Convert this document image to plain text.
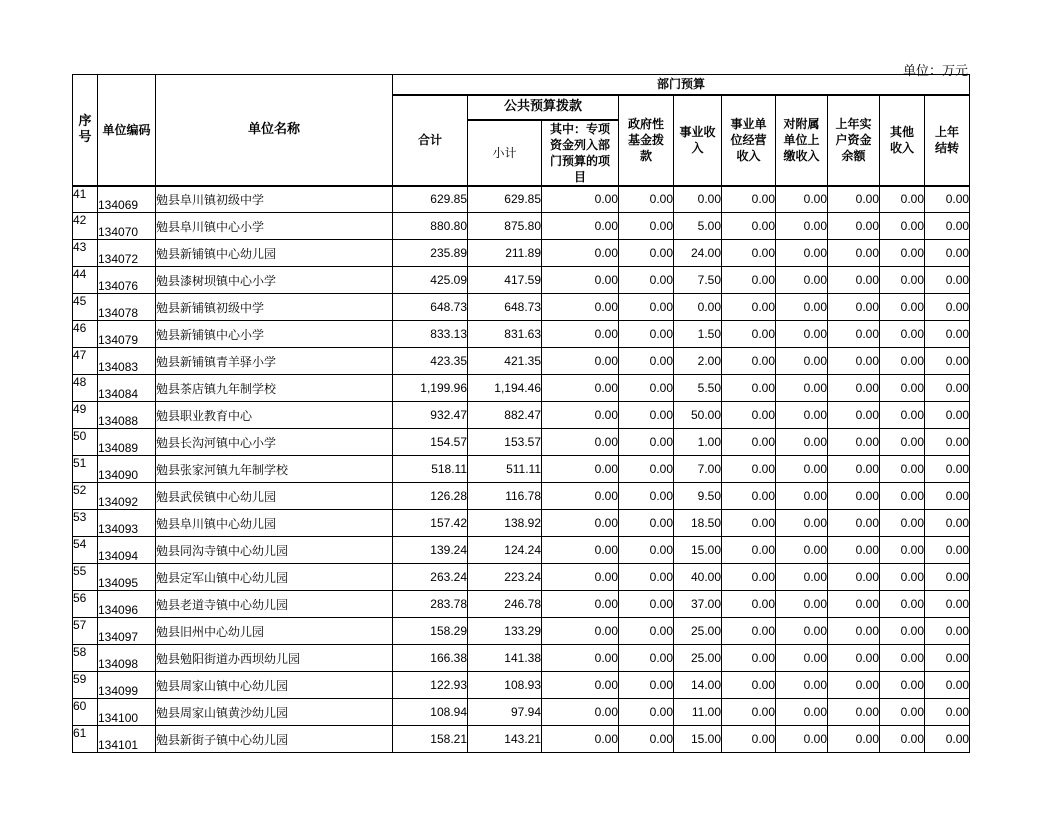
单位：万元
序号	单位编码	单位名称	部门预算									
			合计	公共预算拨款		政府性基金拨款	事业收入	事业单位经营收入	对附属单位上缴收入	上年实户资金余额	其他收入	上年结转
				小计	其中：专项资金列入部门预算的项目							
41	134069	勉县阜川镇初级中学	629.85	629.85	0.00	0.00	0.00	0.00	0.00	0.00	0.00	0.00
42	134070	勉县阜川镇中心小学	880.80	875.80	0.00	0.00	5.00	0.00	0.00	0.00	0.00	0.00
43	134072	勉县新铺镇中心幼儿园	235.89	211.89	0.00	0.00	24.00	0.00	0.00	0.00	0.00	0.00
44	134076	勉县漆树坝镇中心小学	425.09	417.59	0.00	0.00	7.50	0.00	0.00	0.00	0.00	0.00
45	134078	勉县新铺镇初级中学	648.73	648.73	0.00	0.00	0.00	0.00	0.00	0.00	0.00	0.00
46	134079	勉县新铺镇中心小学	833.13	831.63	0.00	0.00	1.50	0.00	0.00	0.00	0.00	0.00
47	134083	勉县新铺镇青羊驿小学	423.35	421.35	0.00	0.00	2.00	0.00	0.00	0.00	0.00	0.00
48	134084	勉县茶店镇九年制学校	1,199.96	1,194.46	0.00	0.00	5.50	0.00	0.00	0.00	0.00	0.00
49	134088	勉县职业教育中心	932.47	882.47	0.00	0.00	50.00	0.00	0.00	0.00	0.00	0.00
50	134089	勉县长沟河镇中心小学	154.57	153.57	0.00	0.00	1.00	0.00	0.00	0.00	0.00	0.00
51	134090	勉县张家河镇九年制学校	518.11	511.11	0.00	0.00	7.00	0.00	0.00	0.00	0.00	0.00
52	134092	勉县武侯镇中心幼儿园	126.28	116.78	0.00	0.00	9.50	0.00	0.00	0.00	0.00	0.00
53	134093	勉县阜川镇中心幼儿园	157.42	138.92	0.00	0.00	18.50	0.00	0.00	0.00	0.00	0.00
54	134094	勉县同沟寺镇中心幼儿园	139.24	124.24	0.00	0.00	15.00	0.00	0.00	0.00	0.00	0.00
55	134095	勉县定军山镇中心幼儿园	263.24	223.24	0.00	0.00	40.00	0.00	0.00	0.00	0.00	0.00
56	134096	勉县老道寺镇中心幼儿园	283.78	246.78	0.00	0.00	37.00	0.00	0.00	0.00	0.00	0.00
57	134097	勉县旧州中心幼儿园	158.29	133.29	0.00	0.00	25.00	0.00	0.00	0.00	0.00	0.00
58	134098	勉县勉阳街道办西坝幼儿园	166.38	141.38	0.00	0.00	25.00	0.00	0.00	0.00	0.00	0.00
59	134099	勉县周家山镇中心幼儿园	122.93	108.93	0.00	0.00	14.00	0.00	0.00	0.00	0.00	0.00
60	134100	勉县周家山镇黄沙幼儿园	108.94	97.94	0.00	0.00	11.00	0.00	0.00	0.00	0.00	0.00
61	134101	勉县新街子镇中心幼儿园	158.21	143.21	0.00	0.00	15.00	0.00	0.00	0.00	0.00	0.00
